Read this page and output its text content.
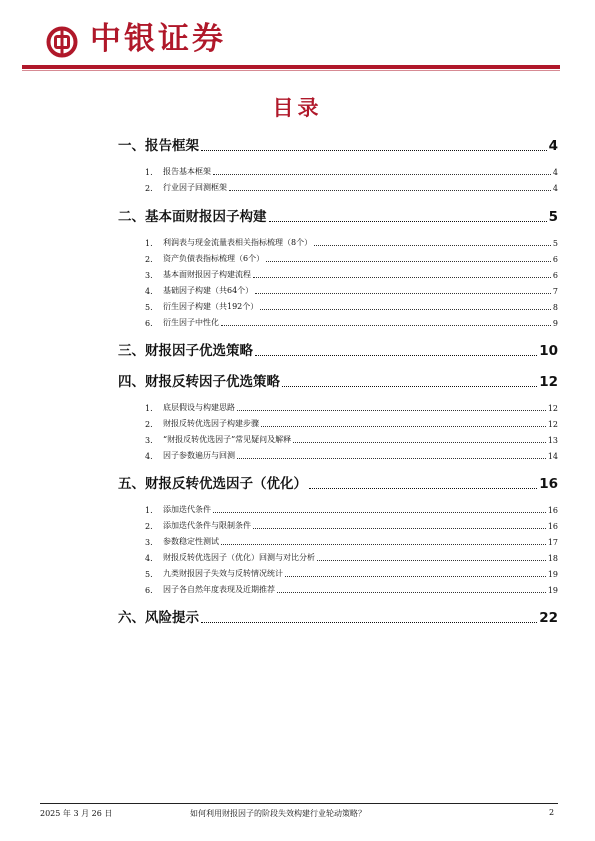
中银证券
目录
一、报告框架	4
1.	报告基本框架	4
2.	行业因子回测框架	4
二、基本面财报因子构建	5
1.	利润表与现金流量表相关指标梳理（8个）	5
2.	资产负债表指标梳理（6个）	6
3.	基本面财报因子构建流程	6
4.	基础因子构建（共64个）	7
5.	衍生因子构建（共192个）	8
6.	衍生因子中性化	9
三、财报因子优选策略	10
四、财报反转因子优选策略	12
1.	底层假设与构建思路	12
2.	财报反转优选因子构建步骤	12
3.	“财报反转优选因子”常见疑问及解释	13
4.	因子参数遍历与回测	14
五、财报反转优选因子（优化）	16
1.	添加迭代条件	16
2.	添加迭代条件与限制条件	16
3.	参数稳定性测试	17
4.	财报反转优选因子（优化）回测与对比分析	18
5.	九类财报因子失效与反转情况统计	19
6.	因子各自然年度表现及近期推荐	19
六、风险提示	22
2025 年 3 月 26 日	如何利用财报因子的阶段失效构建行业轮动策略？	2
